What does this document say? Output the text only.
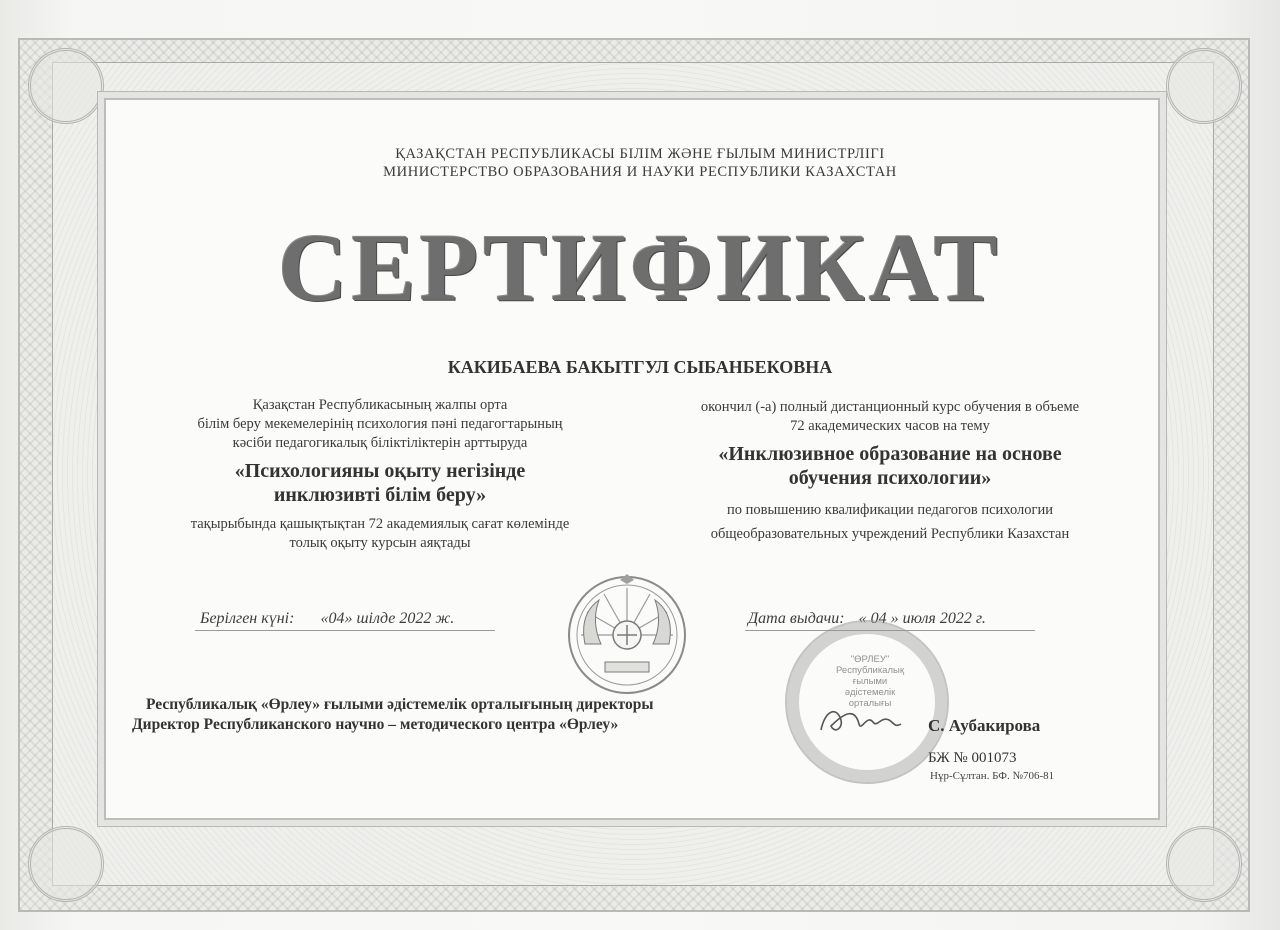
ҚАЗАҚСТАН РЕСПУБЛИКАСЫ БІЛІМ ЖӘНЕ ҒЫЛЫМ МИНИСТРЛІГІ
МИНИСТЕРСТВО ОБРАЗОВАНИЯ И НАУКИ РЕСПУБЛИКИ КАЗАХСТАН
СЕРТИФИКАТ
КАКИБАЕВА БАКЫТГУЛ СЫБАНБЕКОВНА
Қазақстан Республикасының жалпы орта
білім беру мекемелерінің психология пәні педагогтарының
кәсіби педагогикалық біліктіліктерін арттыруда
«Психологияны оқыту негізінде
инклюзивті білім беру»
тақырыбында қашықтықтан 72 академиялық сағат көлемінде
толық оқыту курсын аяқтады
окончил (-а) полный дистанционный курс обучения в объеме
72 академических часов на тему
«Инклюзивное образование на основе
обучения психологии»
по повышению квалификации педагогов психологии
общеобразовательных учреждений Республики Казахстан
Берілген күні: «04» шілде 2022 ж.	Дата выдачи: « 04 » июля 2022 г.
Республикалық «Өрлеу» ғылыми әдістемелік орталығының директоры
Директор Республиканского научно – методического центра «Өрлеу»
"ӨРЛЕУ"
Республикалық
ғылыми
әдістемелік
орталығы
С. Аубакирова
БЖ № 001073
Нұр-Сұлтан. БФ. №706-81
